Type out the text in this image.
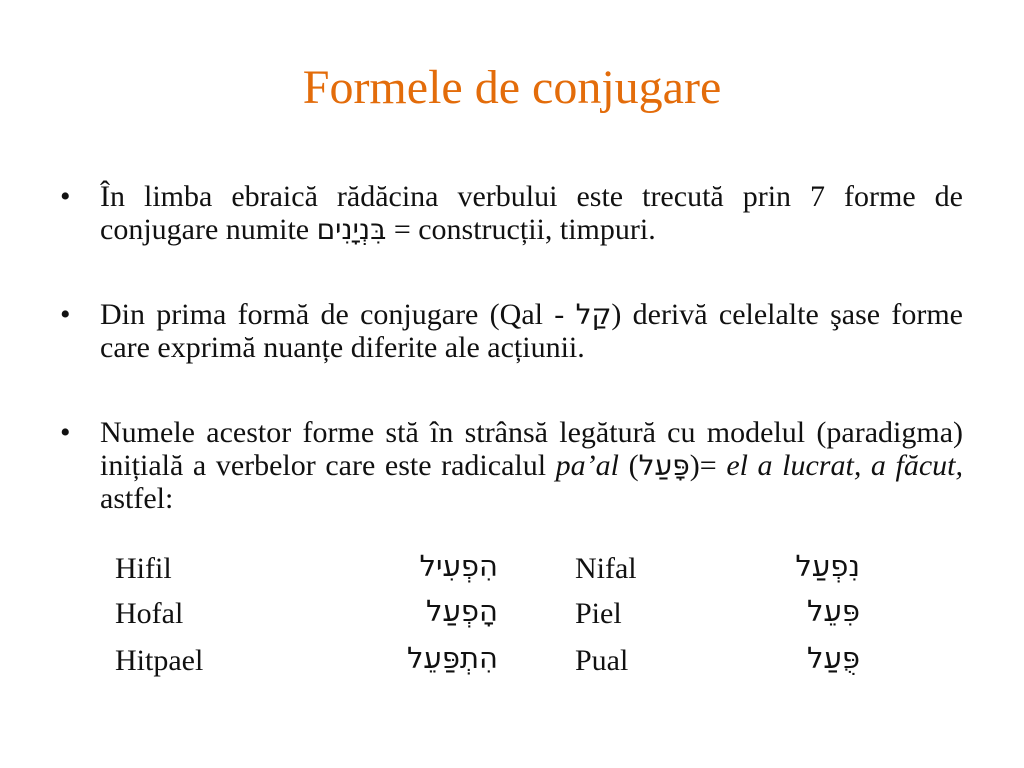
Formele de conjugare
• În limba ebraică rădăcina verbului este trecută prin 7 forme de conjugare numite בִּנְיָנִים = construcții, timpuri.
• Din prima formă de conjugare (Qal - קַל) derivă celelalte şase forme care exprimă nuanțe diferite ale acțiunii.
• Numele acestor forme stă în strânsă legătură cu modelul (paradigma) inițială a verbelor care este radicalul pa’al (פָּעַל)= el a lucrat, a făcut, astfel:
Hifil	הִפְעִיל	Nifal	נִפְעַל
Hofal	הָפְעַל	Piel	פִּעֵל
Hitpael	הִתְפַּעֵל	Pual	פֻּעַל
